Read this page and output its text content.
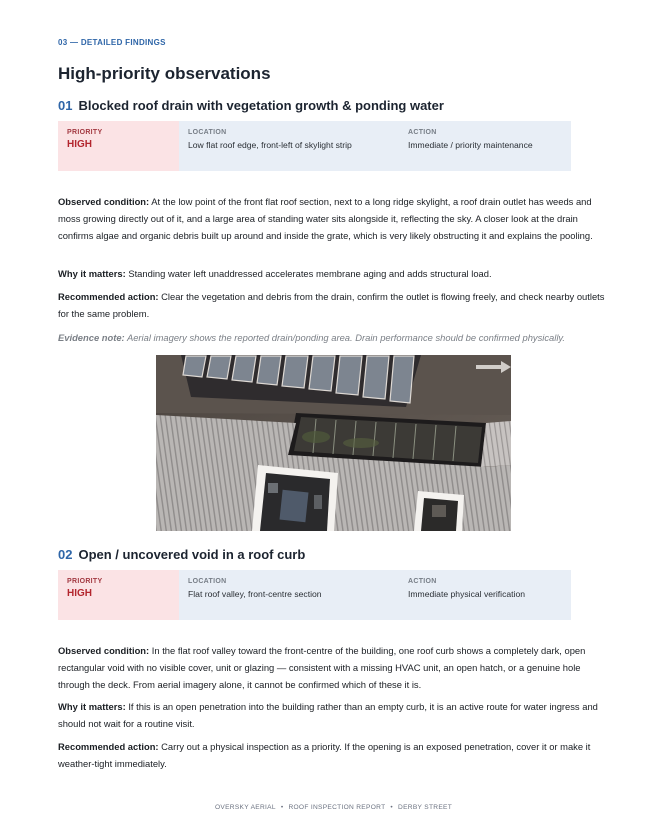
03 — DETAILED FINDINGS
High-priority observations
01 Blocked roof drain with vegetation growth & ponding water
PRIORITY
HIGH
LOCATION
Low flat roof edge, front-left of skylight strip
ACTION
Immediate / priority maintenance

Observed condition: At the low point of the front flat roof section, next to a long ridge skylight, a roof drain outlet has weeds and moss growing directly out of it, and a large area of standing water sits alongside it, reflecting the sky. A closer look at the drain confirms algae and organic debris built up around and inside the grate, which is very likely obstructing it and explains the pooling.

Why it matters: Standing water left unaddressed accelerates membrane aging and adds structural load.

Recommended action: Clear the vegetation and debris from the drain, confirm the outlet is flowing freely, and check nearby outlets for the same problem.

Evidence note: Aerial imagery shows the reported drain/ponding area. Drain performance should be confirmed physically.

02 Open / uncovered void in a roof curb
PRIORITY
HIGH
LOCATION
Flat roof valley, front-centre section
ACTION
Immediate physical verification

Observed condition: In the flat roof valley toward the front-centre of the building, one roof curb shows a completely dark, open rectangular void with no visible cover, unit or glazing — consistent with a missing HVAC unit, an open hatch, or a genuine hole through the deck. From aerial imagery alone, it cannot be confirmed which of these it is.

Why it matters: If this is an open penetration into the building rather than an empty curb, it is an active route for water ingress and should not wait for a routine visit.

Recommended action: Carry out a physical inspection as a priority. If the opening is an exposed penetration, cover it or make it weather-tight immediately.

OVERSKY AERIAL • ROOF INSPECTION REPORT • DERBY STREET
